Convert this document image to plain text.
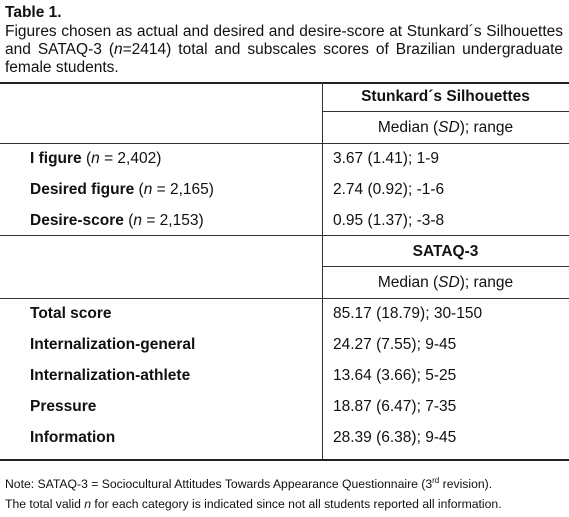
Table 1.
Figures chosen as actual and desired and desire-score at Stunkard´s Silhouettes and SATAQ-3 (n=2414) total and subscales scores of Brazilian undergraduate female students.
Stunkard´s Silhouettes
Median (SD); range
I figure (n = 2,402)	3.67 (1.41); 1-9
Desired figure (n = 2,165)	2.74 (0.92); -1-6
Desire-score (n = 2,153)	0.95 (1.37); -3-8
SATAQ-3
Median (SD); range
Total score	85.17 (18.79); 30-150
Internalization-general	24.27 (7.55); 9-45
Internalization-athlete	13.64 (3.66); 5-25
Pressure	18.87 (6.47); 7-35
Information	28.39 (6.38); 9-45
Note: SATAQ-3 = Sociocultural Attitudes Towards Appearance Questionnaire (3rd revision).
The total valid n for each category is indicated since not all students reported all information.
